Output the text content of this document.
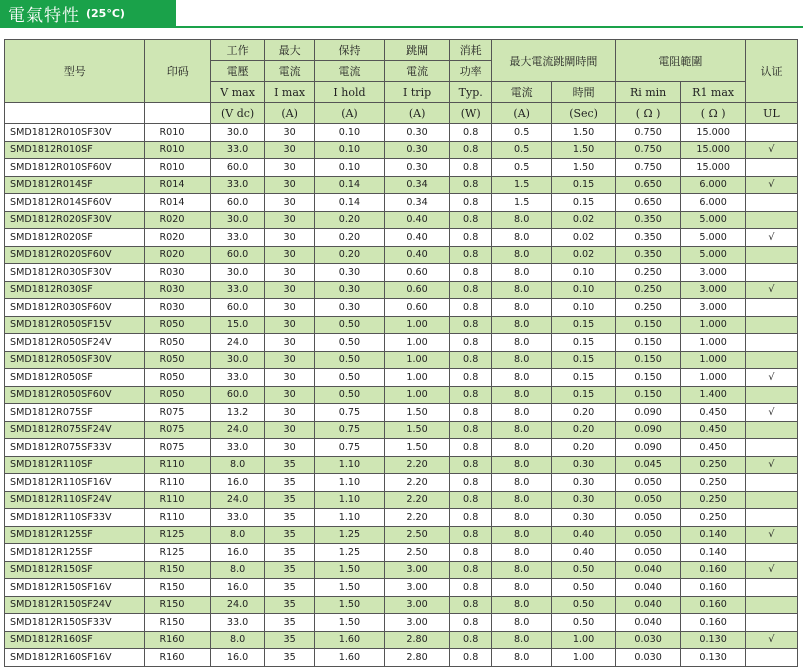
電氣特性 (25°C)
型号	印码	工作	最大	保持	跳閘	消耗	最大電流跳閘時間		電阻範圍		认证
		電壓	電流	電流	電流	功率					
		V max	I max	I hold	I trip	Typ.	電流	時間	Ri min	R1 max	
		(V dc)	(A)	(A)	(A)	(W)	(A)	(Sec)	( Ω )	( Ω )	UL
SMD1812R010SF30V	R010	30.0	30	0.10	0.30	0.8	0.5	1.50	0.750	15.000	
SMD1812R010SF	R010	33.0	30	0.10	0.30	0.8	0.5	1.50	0.750	15.000	√
SMD1812R010SF60V	R010	60.0	30	0.10	0.30	0.8	0.5	1.50	0.750	15.000	
SMD1812R014SF	R014	33.0	30	0.14	0.34	0.8	1.5	0.15	0.650	6.000	√
SMD1812R014SF60V	R014	60.0	30	0.14	0.34	0.8	1.5	0.15	0.650	6.000	
SMD1812R020SF30V	R020	30.0	30	0.20	0.40	0.8	8.0	0.02	0.350	5.000	
SMD1812R020SF	R020	33.0	30	0.20	0.40	0.8	8.0	0.02	0.350	5.000	√
SMD1812R020SF60V	R020	60.0	30	0.20	0.40	0.8	8.0	0.02	0.350	5.000	
SMD1812R030SF30V	R030	30.0	30	0.30	0.60	0.8	8.0	0.10	0.250	3.000	
SMD1812R030SF	R030	33.0	30	0.30	0.60	0.8	8.0	0.10	0.250	3.000	√
SMD1812R030SF60V	R030	60.0	30	0.30	0.60	0.8	8.0	0.10	0.250	3.000	
SMD1812R050SF15V	R050	15.0	30	0.50	1.00	0.8	8.0	0.15	0.150	1.000	
SMD1812R050SF24V	R050	24.0	30	0.50	1.00	0.8	8.0	0.15	0.150	1.000	
SMD1812R050SF30V	R050	30.0	30	0.50	1.00	0.8	8.0	0.15	0.150	1.000	
SMD1812R050SF	R050	33.0	30	0.50	1.00	0.8	8.0	0.15	0.150	1.000	√
SMD1812R050SF60V	R050	60.0	30	0.50	1.00	0.8	8.0	0.15	0.150	1.400	
SMD1812R075SF	R075	13.2	30	0.75	1.50	0.8	8.0	0.20	0.090	0.450	√
SMD1812R075SF24V	R075	24.0	30	0.75	1.50	0.8	8.0	0.20	0.090	0.450	
SMD1812R075SF33V	R075	33.0	30	0.75	1.50	0.8	8.0	0.20	0.090	0.450	
SMD1812R110SF	R110	8.0	35	1.10	2.20	0.8	8.0	0.30	0.045	0.250	√
SMD1812R110SF16V	R110	16.0	35	1.10	2.20	0.8	8.0	0.30	0.050	0.250	
SMD1812R110SF24V	R110	24.0	35	1.10	2.20	0.8	8.0	0.30	0.050	0.250	
SMD1812R110SF33V	R110	33.0	35	1.10	2.20	0.8	8.0	0.30	0.050	0.250	
SMD1812R125SF	R125	8.0	35	1.25	2.50	0.8	8.0	0.40	0.050	0.140	√
SMD1812R125SF	R125	16.0	35	1.25	2.50	0.8	8.0	0.40	0.050	0.140	
SMD1812R150SF	R150	8.0	35	1.50	3.00	0.8	8.0	0.50	0.040	0.160	√
SMD1812R150SF16V	R150	16.0	35	1.50	3.00	0.8	8.0	0.50	0.040	0.160	
SMD1812R150SF24V	R150	24.0	35	1.50	3.00	0.8	8.0	0.50	0.040	0.160	
SMD1812R150SF33V	R150	33.0	35	1.50	3.00	0.8	8.0	0.50	0.040	0.160	
SMD1812R160SF	R160	8.0	35	1.60	2.80	0.8	8.0	1.00	0.030	0.130	√
SMD1812R160SF16V	R160	16.0	35	1.60	2.80	0.8	8.0	1.00	0.030	0.130	
